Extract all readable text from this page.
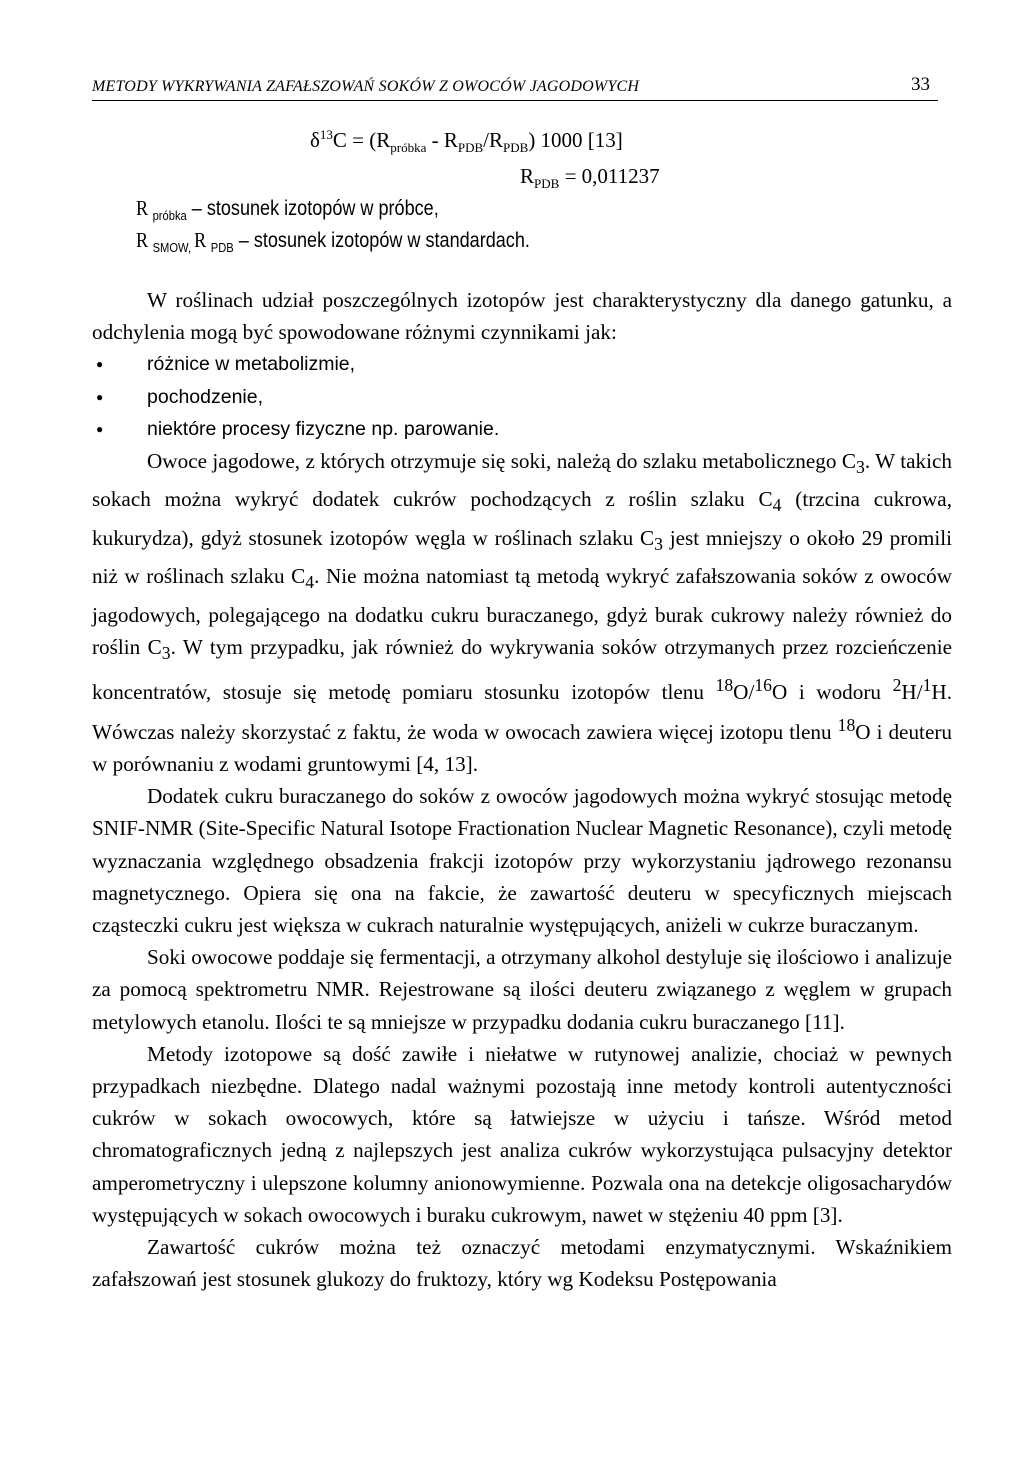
METODY WYKRYWANIA ZAFAŁSZOWAŃ SOKÓW Z OWOCÓW JAGODOWYCH	33
$\delta^{13}C = (R_{próbka} - R_{PDB}/R_{PDB})$ 1000 [13]
$R_{PDB} = 0,011237$
R $_{próbka}$ – stosunek izotopów w próbce,
R $_{SMOW,}$ R $_{PDB}$ – stosunek izotopów w standardach.

W roślinach udział poszczególnych izotopów jest charakterystyczny dla danego gatunku, a odchylenia mogą być spowodowane różnymi czynnikami jak:

● różnice w metabolizmie,
● pochodzenie,
● niektóre procesy fizyczne np. parowanie.

Owoce jagodowe, z których otrzymuje się soki, należą do szlaku metabolicznego $C_3$. W takich sokach można wykryć dodatek cukrów pochodzących z roślin szlaku $C_4$ (trzcina cukrowa, kukurydza), gdyż stosunek izotopów węgla w roślinach szlaku $C_3$ jest mniejszy o około 29 promili niż w roślinach szlaku $C_4$. Nie można natomiast tą metodą wykryć zafałszowania soków z owoców jagodowych, polegającego na dodatku cukru buraczanego, gdyż burak cukrowy należy również do roślin $C_3$. W tym przypadku, jak również do wykrywania soków otrzymanych przez rozcieńczenie koncentratów, stosuje się metodę pomiaru stosunku izotopów tlenu $^{18}$O/$^{16}$O i wodoru $^2$H/$^1$H. Wówczas należy skorzystać z faktu, że woda w owocach zawiera więcej izotopu tlenu $^{18}$O i deuteru w porównaniu z wodami gruntowymi [4, 13].

Dodatek cukru buraczanego do soków z owoców jagodowych można wykryć stosując metodę SNIF-NMR (Site-Specific Natural Isotope Fractionation Nuclear Magnetic Resonance), czyli metodę wyznaczania względnego obsadzenia frakcji izotopów przy wykorzystaniu jądrowego rezonansu magnetycznego. Opiera się ona na fakcie, że zawartość deuteru w specyficznych miejscach cząsteczki cukru jest większa w cukrach naturalnie występujących, aniżeli w cukrze buraczanym.

Soki owocowe poddaje się fermentacji, a otrzymany alkohol destyluje się ilościowo i analizuje za pomocą spektrometru NMR. Rejestrowane są ilości deuteru związanego z węglem w grupach metylowych etanolu. Ilości te są mniejsze w przypadku dodania cukru buraczanego [11].

Metody izotopowe są dość zawiłe i niełatwe w rutynowej analizie, chociaż w pewnych przypadkach niezbędne. Dlatego nadal ważnymi pozostają inne metody kontroli autentyczności cukrów w sokach owocowych, które są łatwiejsze w użyciu i tańsze. Wśród metod chromatograficznych jedną z najlepszych jest analiza cukrów wykorzystująca pulsacyjny detektor amperometryczny i ulepszone kolumny anionowymienne. Pozwala ona na detekcje oligosacharydów występujących w sokach owocowych i buraku cukrowym, nawet w stężeniu 40 ppm [3].

Zawartość cukrów można też oznaczyć metodami enzymatycznymi. Wskaźnikiem zafałszowań jest stosunek glukozy do fruktozy, który wg Kodeksu Postępowania
